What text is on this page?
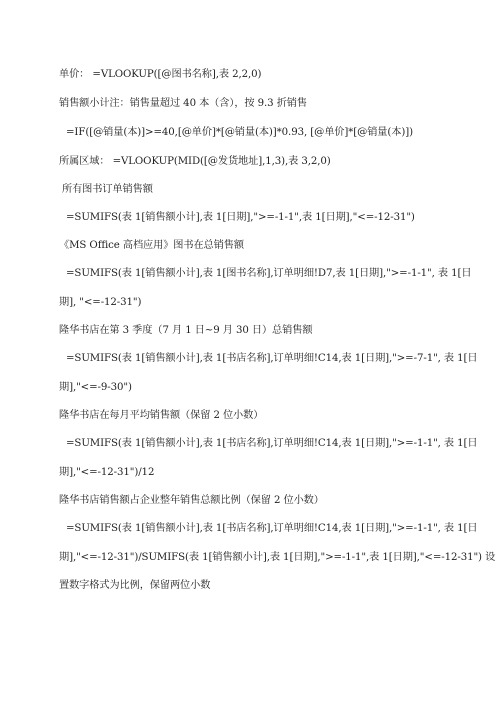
单价： =VLOOKUP([@图书名称],表 2,2,0)
销售额小计注：销售量超过 40 本（含），按 9.3 折销售
=IF([@销量(本)]>=40,[@单价]*[@销量(本)]*0.93, [@单价]*[@销量(本)])
所属区域： =VLOOKUP(MID([@发货地址],1,3),表 3,2,0)
所有图书订单销售额
=SUMIFS(表 1[销售额小计],表 1[日期],">=-1-1",表 1[日期],"<=-12-31")
《MS Office 高档应用》图书在总销售额
=SUMIFS(表 1[销售额小计],表 1[图书名称],订单明细!D7,表 1[日期],">=-1-1", 表 1[日
期], "<=-12-31")
隆华书店在第 3 季度（7 月 1 日~9 月 30 日）总销售额
=SUMIFS(表 1[销售额小计],表 1[书店名称],订单明细!C14,表 1[日期],">=-7-1", 表 1[日
期],"<=-9-30")
隆华书店在每月平均销售额（保留 2 位小数）
=SUMIFS(表 1[销售额小计],表 1[书店名称],订单明细!C14,表 1[日期],">=-1-1", 表 1[日
期],"<=-12-31")/12
隆华书店销售额占企业整年销售总额比例（保留 2 位小数）
=SUMIFS(表 1[销售额小计],表 1[书店名称],订单明细!C14,表 1[日期],">=-1-1", 表 1[日
期],"<=-12-31")/SUMIFS(表 1[销售额小计],表 1[日期],">=-1-1",表 1[日期],"<=-12-31") 设
置数字格式为比例，保留两位小数
